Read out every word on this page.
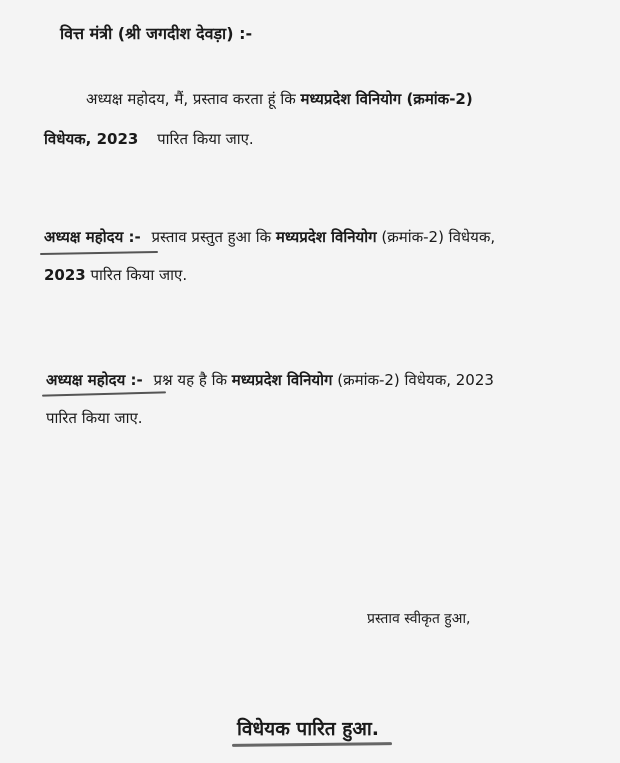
वित्त मंत्री (श्री जगदीश देवड़ा) :-
अध्यक्ष महोदय, मैं, प्रस्ताव करता हूं कि मध्यप्रदेश विनियोग (क्रमांक-2)
विधेयक, 2023 पारित किया जाए.
अध्यक्ष महोदय :- प्रस्ताव प्रस्तुत हुआ कि मध्यप्रदेश विनियोग (क्रमांक-2) विधेयक,
2023 पारित किया जाए.
अध्यक्ष महोदय :- प्रश्न यह है कि मध्यप्रदेश विनियोग (क्रमांक-2) विधेयक, 2023
पारित किया जाए.
प्रस्ताव स्वीकृत हुआ,
विधेयक पारित हुआ.
